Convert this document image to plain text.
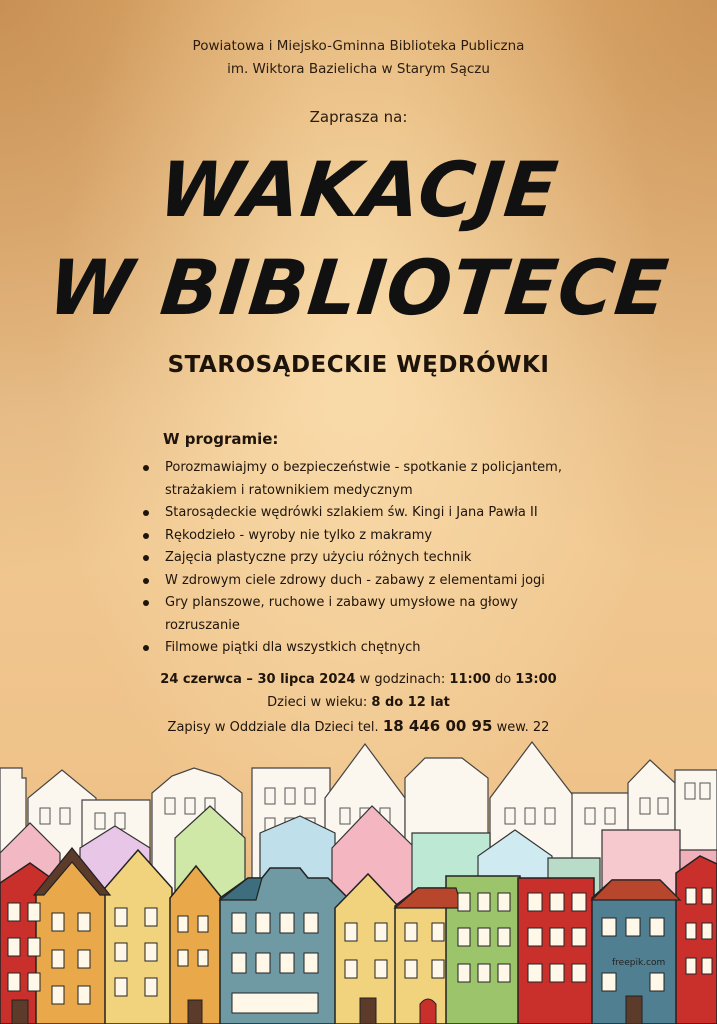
Powiatowa i Miejsko-Gminna Biblioteka Publiczna
im. Wiktora Bazielicha w Starym Sączu
Zaprasza na:
WAKACJE
W BIBLIOTECE
STAROSĄDECKIE WĘDRÓWKI
W programie:
Porozmawiajmy o bezpieczeństwie - spotkanie z policjantem, strażakiem i ratownikiem medycznym
Starosądeckie wędrówki szlakiem św. Kingi i Jana Pawła II
Rękodzieło - wyroby nie tylko z makramy
Zajęcia plastyczne przy użyciu różnych technik
W zdrowym ciele zdrowy duch - zabawy z elementami jogi
Gry planszowe, ruchowe i zabawy umysłowe na głowy rozruszanie
Filmowe piątki dla wszystkich chętnych
24 czerwca – 30 lipca 2024 w godzinach: 11:00 do 13:00
Dzieci w wieku: 8 do 12 lat
Zapisy w Oddziale dla Dzieci tel. 18 446 00 95 wew. 22
freepik.com
